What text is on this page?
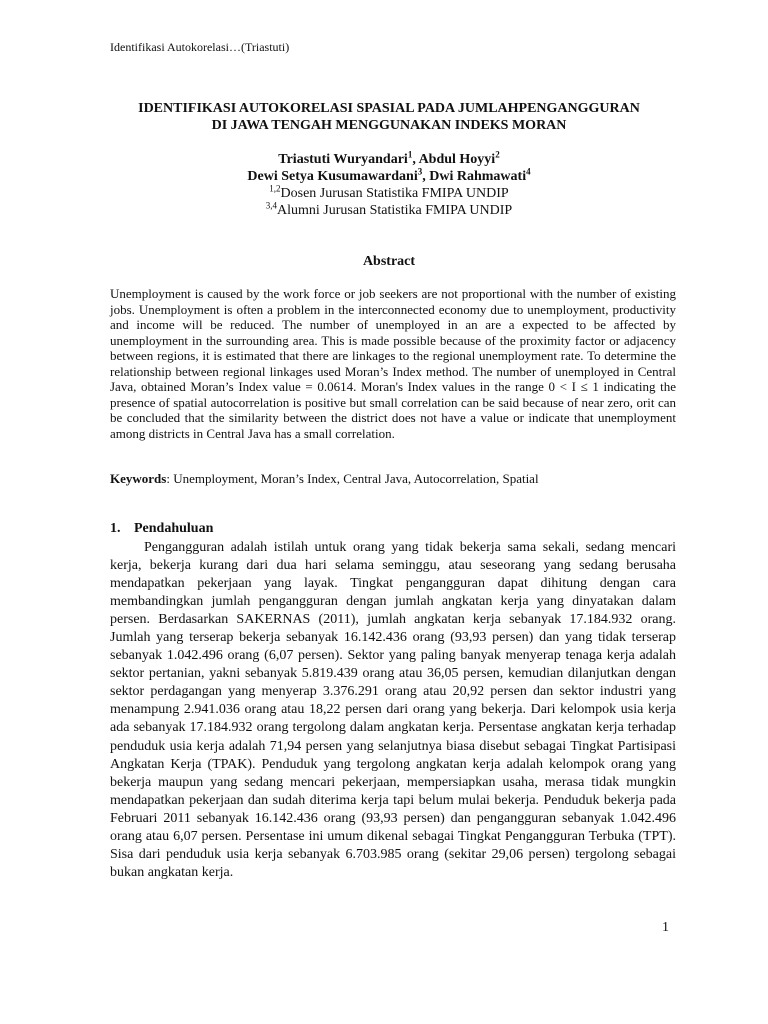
Identifikasi Autokorelasi…(Triastuti)
IDENTIFIKASI AUTOKORELASI SPASIAL PADA JUMLAHPENGANGGURAN
DI JAWA TENGAH MENGGUNAKAN INDEKS MORAN
Triastuti Wuryandari$^1$, Abdul Hoyyi$^2$
Dewi Setya Kusumawardani$^3$, Dwi Rahmawati$^4$
$^{1,2}$Dosen Jurusan Statistika FMIPA UNDIP
$^{3,4}$Alumni Jurusan Statistika FMIPA UNDIP
Abstract

Unemployment is caused by the work force or job seekers are not proportional with the number of existing jobs. Unemployment is often a problem in the interconnected economy due to unemployment, productivity and income will be reduced. The number of unemployed in an are a expected to be affected by unemployment in the surrounding area. This is made possible because of the proximity factor or adjacency between regions, it is estimated that there are linkages to the regional unemployment rate. To determine the relationship between regional linkages used Moran’s Index method. The number of unemployed in Central Java, obtained Moran’s Index value = 0.0614. Moran's Index values in the range 0 < I ≤ 1 indicating the presence of spatial autocorrelation is positive but small correlation can be said because of near zero, orit can be concluded that the similarity between the district does not have a value or indicate that unemployment among districts in Central Java has a small correlation.

Keywords: Unemployment, Moran’s Index, Central Java, Autocorrelation, Spatial

1. Pendahuluan

Pengangguran adalah istilah untuk orang yang tidak bekerja sama sekali, sedang mencari kerja, bekerja kurang dari dua hari selama seminggu, atau seseorang yang sedang berusaha mendapatkan pekerjaan yang layak. Tingkat pengangguran dapat dihitung dengan cara membandingkan jumlah pengangguran dengan jumlah angkatan kerja yang dinyatakan dalam persen. Berdasarkan SAKERNAS (2011), jumlah angkatan kerja sebanyak 17.184.932 orang. Jumlah yang terserap bekerja sebanyak 16.142.436 orang (93,93 persen) dan yang tidak terserap sebanyak 1.042.496 orang (6,07 persen). Sektor yang paling banyak menyerap tenaga kerja adalah sektor pertanian, yakni sebanyak 5.819.439 orang atau 36,05 persen, kemudian dilanjutkan dengan sektor perdagangan yang menyerap 3.376.291 orang atau 20,92 persen dan sektor industri yang menampung 2.941.036 orang atau 18,22 persen dari orang yang bekerja. Dari kelompok usia kerja ada sebanyak 17.184.932 orang tergolong dalam angkatan kerja. Persentase angkatan kerja terhadap penduduk usia kerja adalah 71,94 persen yang selanjutnya biasa disebut sebagai Tingkat Partisipasi Angkatan Kerja (TPAK). Penduduk yang tergolong angkatan kerja adalah kelompok orang yang bekerja maupun yang sedang mencari pekerjaan, mempersiapkan usaha, merasa tidak mungkin mendapatkan pekerjaan dan sudah diterima kerja tapi belum mulai bekerja. Penduduk bekerja pada Februari 2011 sebanyak 16.142.436 orang (93,93 persen) dan pengangguran sebanyak 1.042.496 orang atau 6,07 persen. Persentase ini umum dikenal sebagai Tingkat Pengangguran Terbuka (TPT). Sisa dari penduduk usia kerja sebanyak 6.703.985 orang (sekitar 29,06 persen) tergolong sebagai bukan angkatan kerja.

1
